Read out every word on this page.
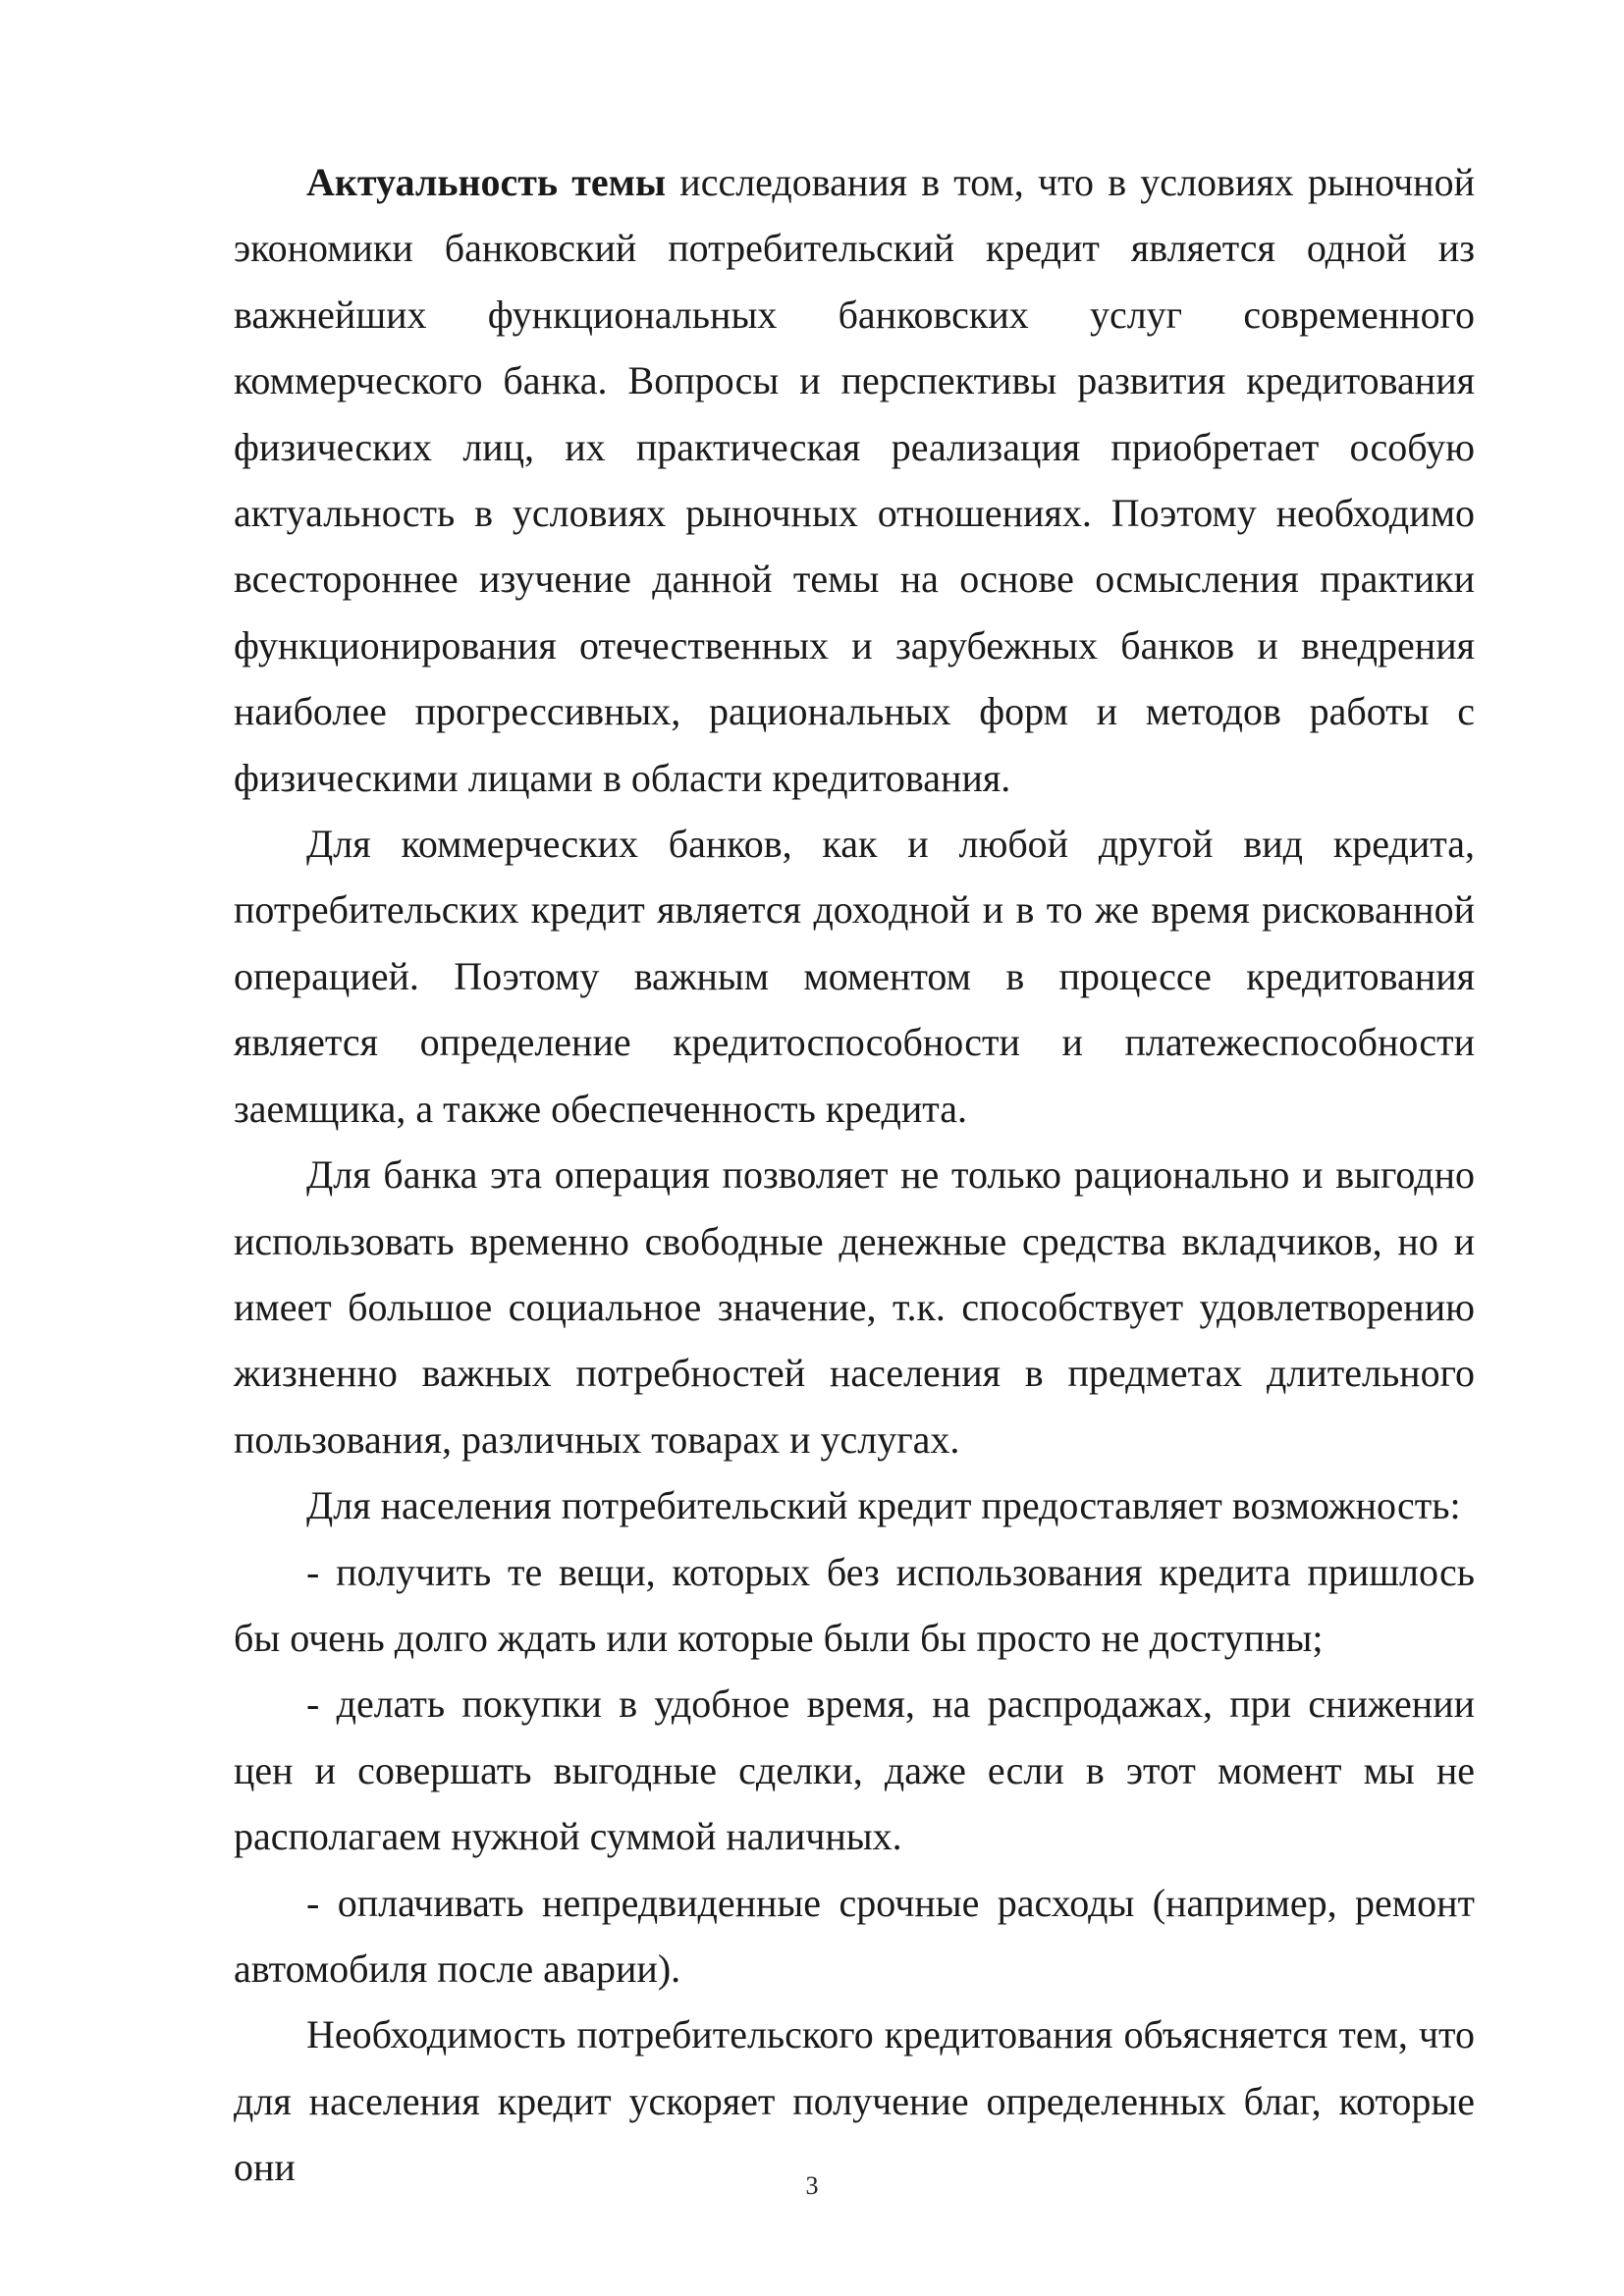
Актуальность темы исследования в том, что в условиях рыночной экономики банковский потребительский кредит является одной из важнейших функциональных банковских услуг современного коммерческого банка. Вопросы и перспективы развития кредитования физических лиц, их практическая реализация приобретает особую актуальность в условиях рыночных отношениях. Поэтому необходимо всестороннее изучение данной темы на основе осмысления практики функционирования отечественных и зарубежных банков и внедрения наиболее прогрессивных, рациональных форм и методов работы с физическими лицами в области кредитования.

Для коммерческих банков, как и любой другой вид кредита, потребительских кредит является доходной и в то же время рискованной операцией. Поэтому важным моментом в процессе кредитования является определение кредитоспособности и платежеспособности заемщика, а также обеспеченность кредита.

Для банка эта операция позволяет не только рационально и выгодно использовать временно свободные денежные средства вкладчиков, но и имеет большое социальное значение, т.к. способствует удовлетворению жизненно важных потребностей населения в предметах длительного пользования, различных товарах и услугах.

Для населения потребительский кредит предоставляет возможность:

- получить те вещи, которых без использования кредита пришлось бы очень долго ждать или которые были бы просто не доступны;

- делать покупки в удобное время, на распродажах, при снижении цен и совершать выгодные сделки, даже если в этот момент мы не располагаем нужной суммой наличных.

- оплачивать непредвиденные срочные расходы (например, ремонт автомобиля после аварии).

Необходимость потребительского кредитования объясняется тем, что для населения кредит ускоряет получение определенных благ, которые они	3
